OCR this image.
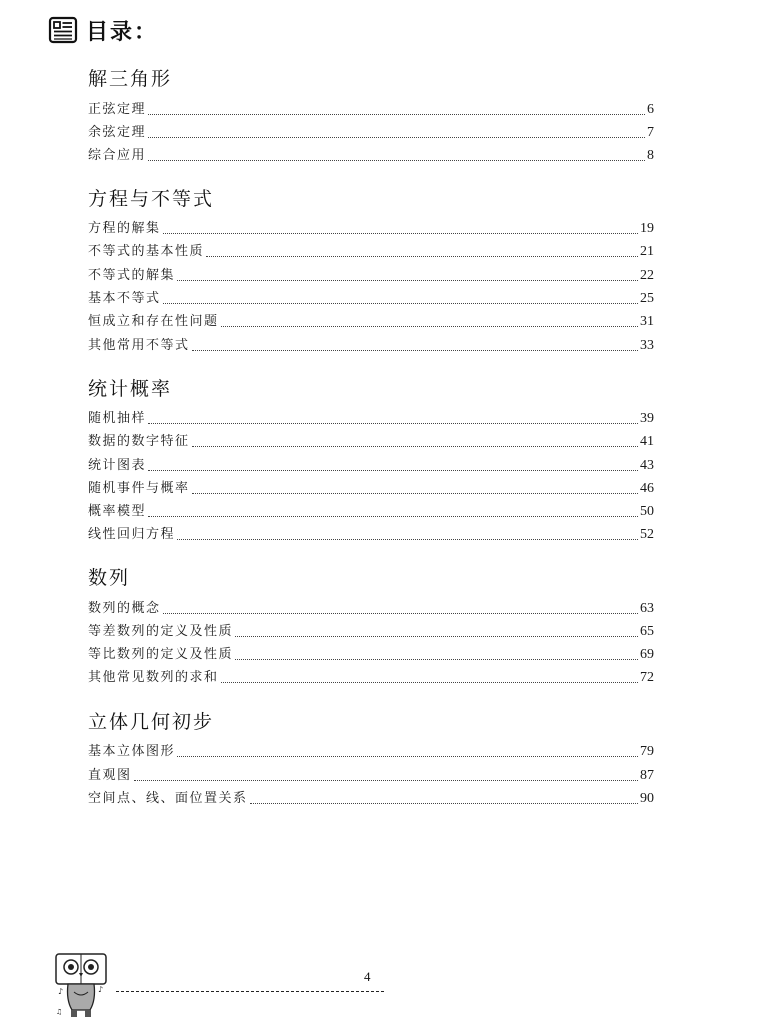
目录：
解三角形
正弦定理	6
余弦定理	7
综合应用	8
方程与不等式
方程的解集	19
不等式的基本性质	21
不等式的解集	22
基本不等式	25
恒成立和存在性问题	31
其他常用不等式	33
统计概率
随机抽样	39
数据的数字特征	41
统计图表	43
随机事件与概率	46
概率模型	50
线性回归方程	52
数列
数列的概念	63
等差数列的定义及性质	65
等比数列的定义及性质	69
其他常见数列的求和	72
立体几何初步
基本立体图形	79
直观图	87
空间点、线、面位置关系	90
♪	♪
♫
4
